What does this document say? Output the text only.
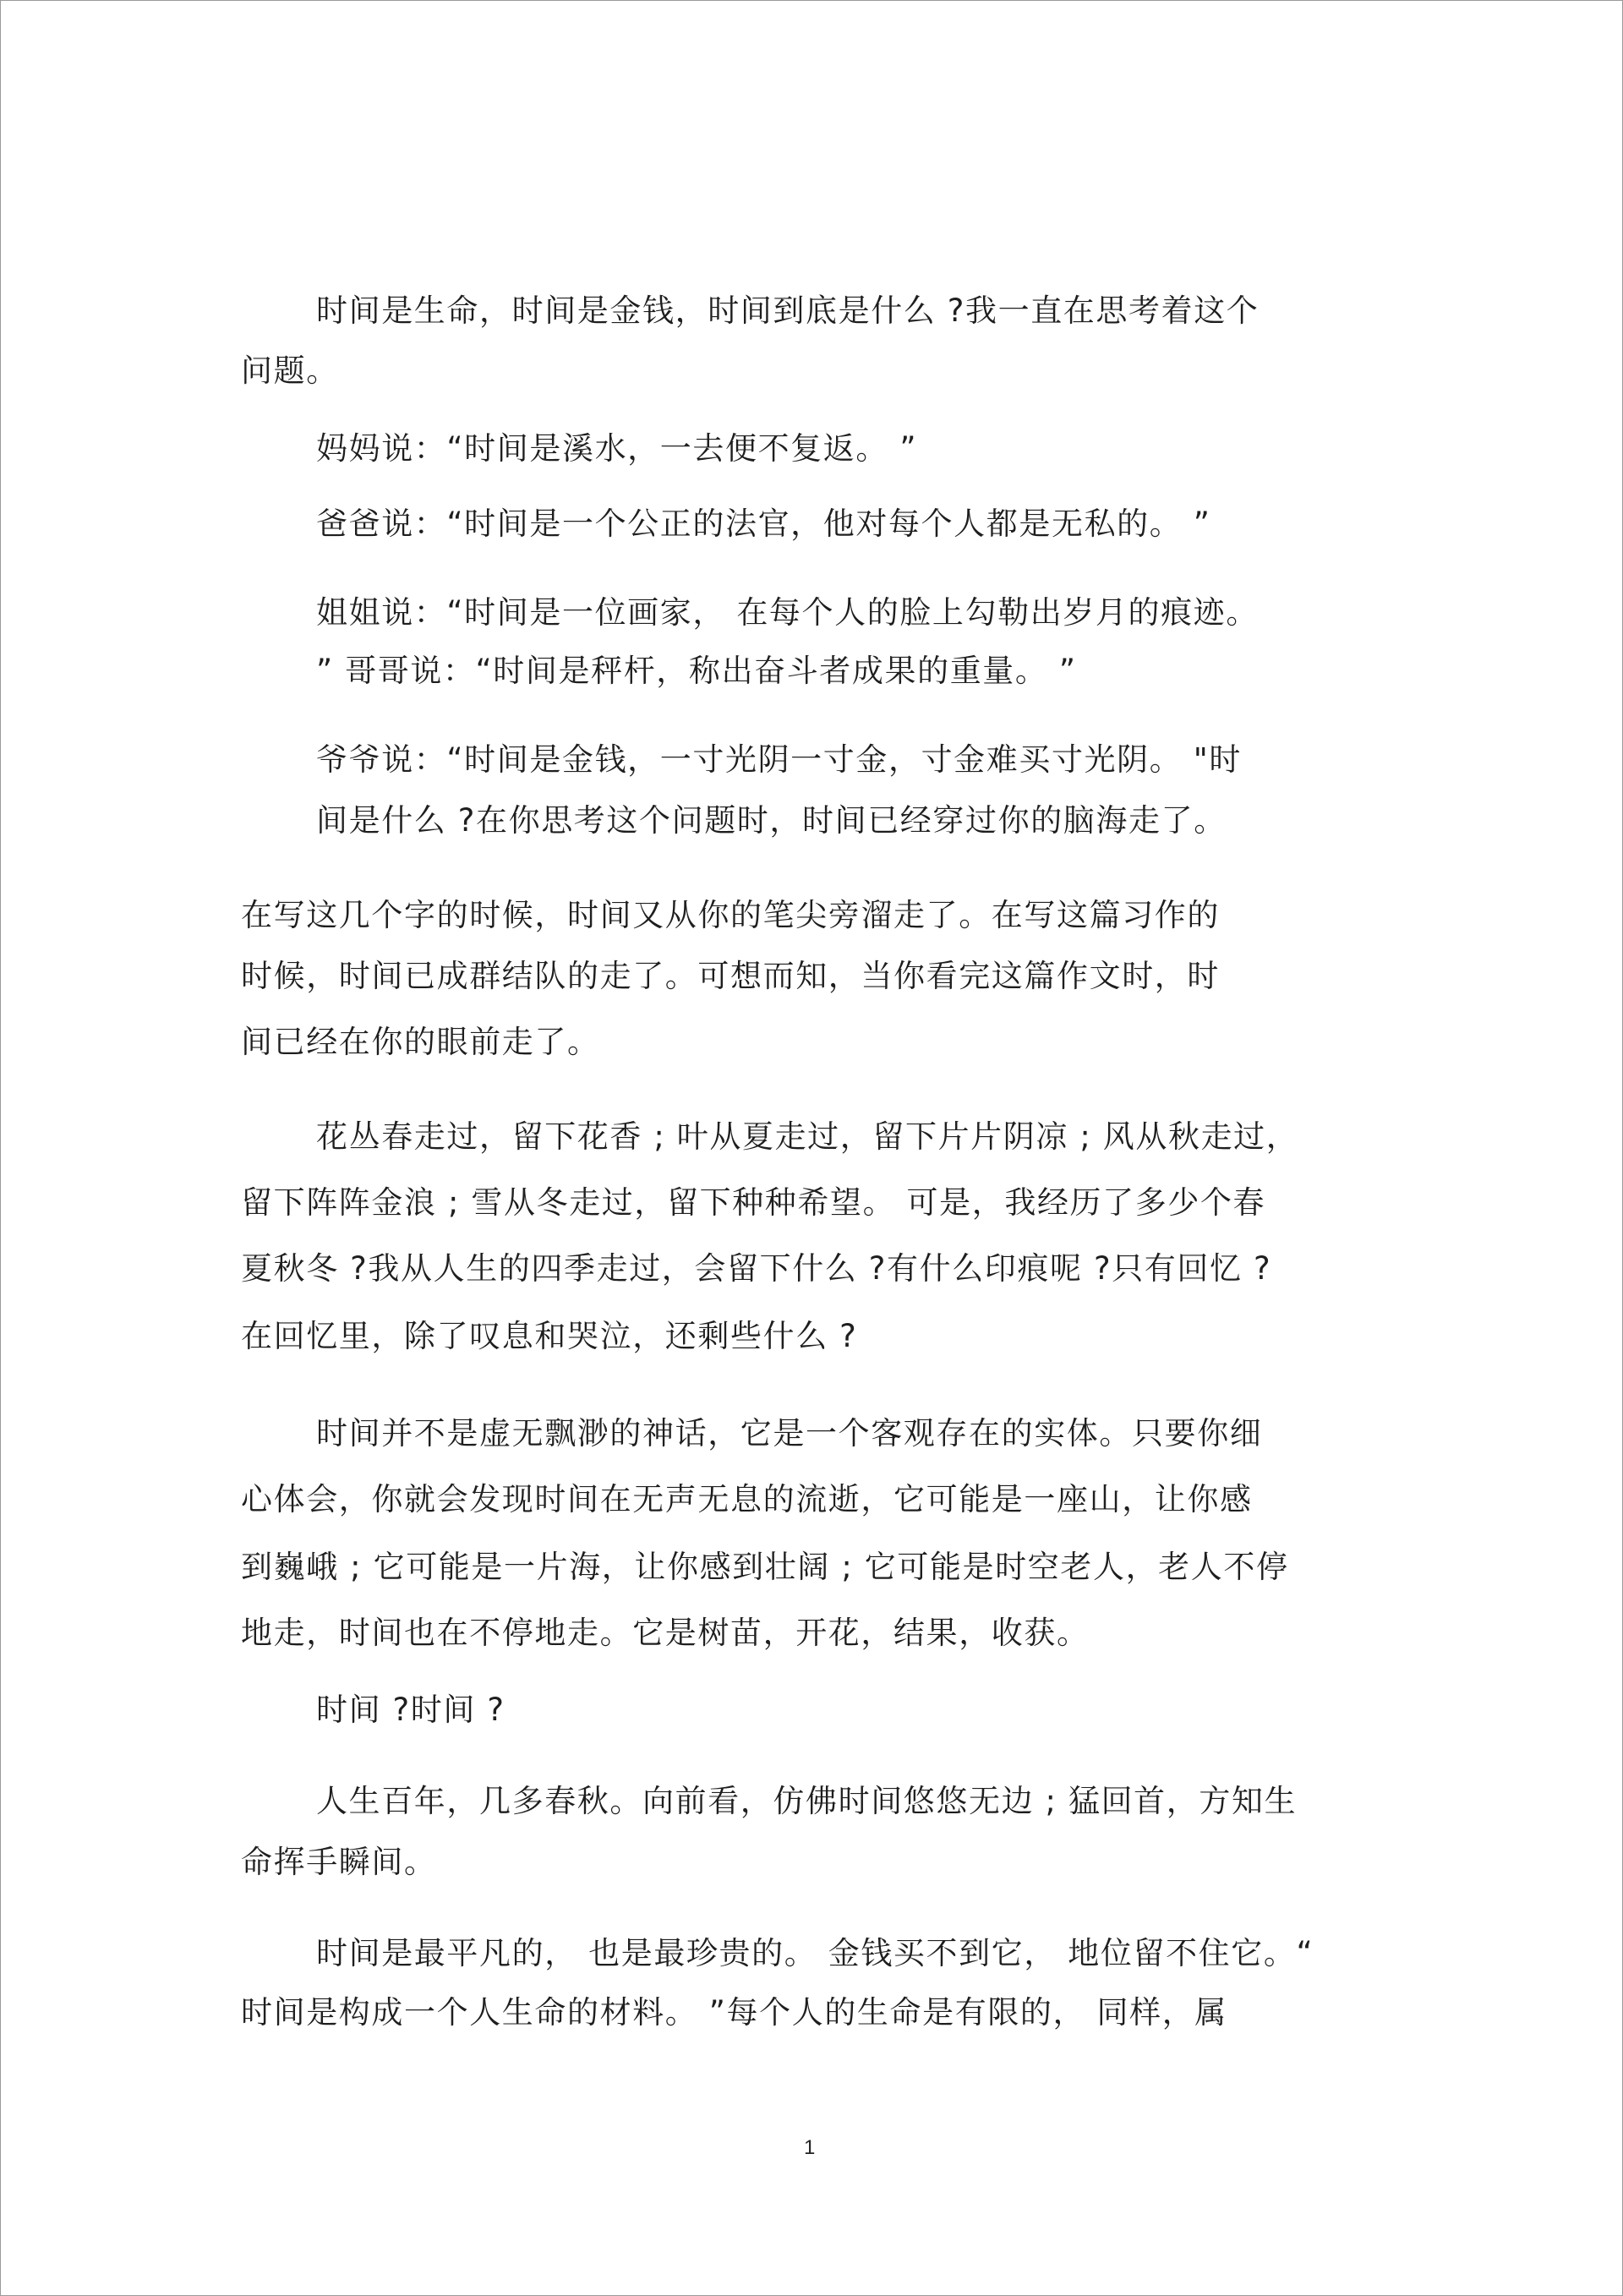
时间是生命，时间是金钱，时间到底是什么 ?我一直在思考着这个
问题。
妈妈说：“时间是溪水，一去便不复返。 ”
爸爸说：“时间是一个公正的法官，他对每个人都是无私的。 ”
姐姐说：“时间是一位画家， 在每个人的脸上勾勒出岁月的痕迹。
” 哥哥说：“时间是秤杆，称出奋斗者成果的重量。 ”
爷爷说：“时间是金钱，一寸光阴一寸金，寸金难买寸光阴。 "时
间是什么 ?在你思考这个问题时，时间已经穿过你的脑海走了。
在写这几个字的时候，时间又从你的笔尖旁溜走了。在写这篇习作的
时候，时间已成群结队的走了。可想而知，当你看完这篇作文时，时
间已经在你的眼前走了。
花丛春走过，留下花香 ; 叶从夏走过，留下片片阴凉 ; 风从秋走过，
留下阵阵金浪 ; 雪从冬走过，留下种种希望。 可是，我经历了多少个春
夏秋冬 ?我从人生的四季走过，会留下什么 ?有什么印痕呢 ?只有回忆 ?
在回忆里，除了叹息和哭泣，还剩些什么 ?
时间并不是虚无飘渺的神话，它是一个客观存在的实体。只要你细
心体会，你就会发现时间在无声无息的流逝，它可能是一座山，让你感
到巍峨 ; 它可能是一片海，让你感到壮阔 ; 它可能是时空老人，老人不停
地走，时间也在不停地走。它是树苗，开花，结果，收获。
时间 ?时间 ?
人生百年，几多春秋。向前看，仿佛时间悠悠无边 ; 猛回首，方知生
命挥手瞬间。
时间是最平凡的， 也是最珍贵的。 金钱买不到它， 地位留不住它。“
时间是构成一个人生命的材料。 ”每个人的生命是有限的， 同样，属
1
